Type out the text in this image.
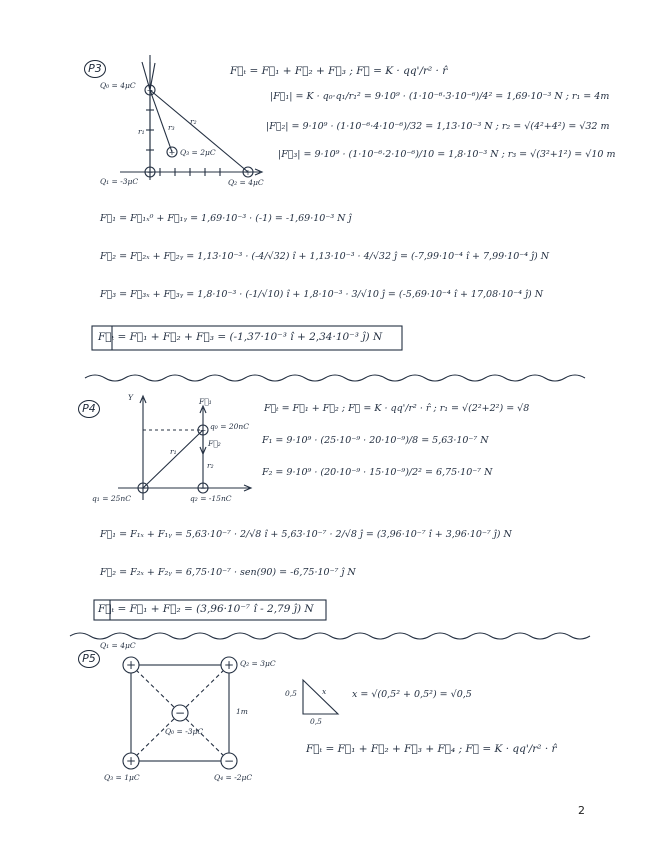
+
−	+
+
+
+	−
+	+
+	−
−
P3
Q₀ = 4μC
Q₁ = -3μC	Q₂ = 4μC
Q₃ = 2μC
r₁
r₂
r₃
F⃗ₜ = F⃗₁ + F⃗₂ + F⃗₃ ; F⃗ = K · qq'/r² · r̂
|F⃗₁| = K · q₀·q₁/r₁² = 9·10⁹ · (1·10⁻⁶·3·10⁻⁶)/4² = 1,69·10⁻³ N ; r₁ = 4m
|F⃗₂| = 9·10⁹ · (1·10⁻⁶·4·10⁻⁶)/32 = 1,13·10⁻³ N ; r₂ = √(4²+4²) = √32 m
|F⃗₃| = 9·10⁹ · (1·10⁻⁶·2·10⁻⁶)/10 = 1,8·10⁻³ N ; r₃ = √(3²+1²) = √10 m
F⃗₁ = F⃗₁ₓ⁰ + F⃗₁ᵧ = 1,69·10⁻³ · (-1) = -1,69·10⁻³ N ĵ
F⃗₂ = F⃗₂ₓ + F⃗₂ᵧ = 1,13·10⁻³ · (-4/√32) î + 1,13·10⁻³ · 4/√32 ĵ = (-7,99·10⁻⁴ î + 7,99·10⁻⁴ ĵ) N
F⃗₃ = F⃗₃ₓ + F⃗₃ᵧ = 1,8·10⁻³ · (-1/√10) î + 1,8·10⁻³ · 3/√10 ĵ = (-5,69·10⁻⁴ î + 17,08·10⁻⁴ ĵ) N
F⃗ₜ = F⃗₁ + F⃗₂ + F⃗₃ = (-1,37·10⁻³ î + 2,34·10⁻³ ĵ) N
P4
Y
q₀ = 20nC
q₁ = 25nC	q₂ = -15nC
r₁
r₂
F⃗₁
F⃗₂
F⃗ₜ = F⃗₁ + F⃗₂ ; F⃗ = K · qq'/r² · r̂ ; r₁ = √(2²+2²) = √8
F₁ = 9·10⁹ · (25·10⁻⁹ · 20·10⁻⁹)/8 = 5,63·10⁻⁷ N
F₂ = 9·10⁹ · (20·10⁻⁹ · 15·10⁻⁹)/2² = 6,75·10⁻⁷ N
F⃗₁ = F₁ₓ + F₁ᵧ = 5,63·10⁻⁷ · 2/√8 î + 5,63·10⁻⁷ · 2/√8 ĵ = (3,96·10⁻⁷ î + 3,96·10⁻⁷ ĵ) N
F⃗₂ = F₂ₓ + F₂ᵧ = 6,75·10⁻⁷ · sen(90) = -6,75·10⁻⁷ ĵ N
F⃗ₜ = F⃗₁ + F⃗₂ = (3,96·10⁻⁷ î - 2,79 ĵ) N
P5
Q₁ = 4μC
Q₂ = 3μC
Q₃ = 1μC	Q₄ = -2μC
Q₀ = -3μC
1m
0,5
0,5
x	x = √(0,5² + 0,5²) = √0,5
F⃗ₜ = F⃗₁ + F⃗₂ + F⃗₃ + F⃗₄ ; F⃗ = K · qq'/r² · r̂
2
